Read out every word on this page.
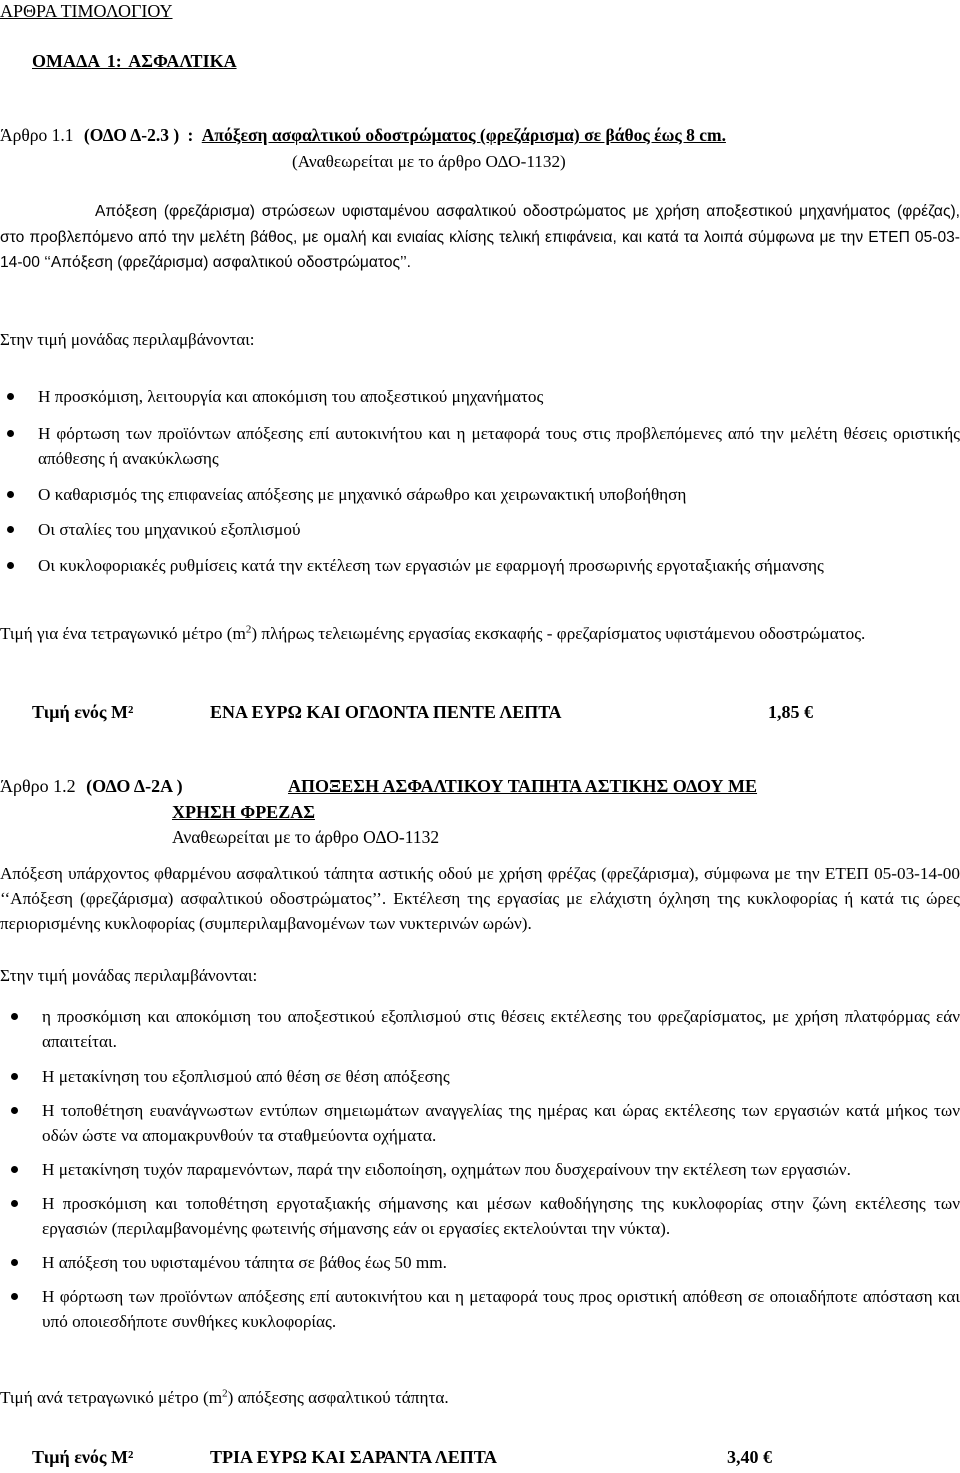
ΑΡΘΡΑ ΤΙΜΟΛΟΓΙΟΥ
ΟΜΑΔΑ 1: ΑΣΦΑΛΤΙΚΑ
Άρθρο 1.1 (ΟΔΟ Δ-2.3 ) : Απόξεση ασφαλτικού οδοστρώματος (φρεζάρισμα) σε βάθος έως 8 cm.
(Αναθεωρείται με το άρθρο ΟΔΟ-1132)
Απόξεση (φρεζάρισμα) στρώσεων υφισταμένου ασφαλτικού οδοστρώματος με χρήση αποξεστικού μηχανήματος (φρέζας), στο προβλεπόμενο από την μελέτη βάθος, με ομαλή και ενιαίας κλίσης τελική επιφάνεια, και κατά τα λοιπά σύμφωνα με την ΕΤΕΠ 05-03-14-00 ‘‘Απόξεση (φρεζάρισμα) ασφαλτικού οδοστρώματος’’.
Στην τιμή μονάδας περιλαμβάνονται:
Η προσκόμιση, λειτουργία και αποκόμιση του αποξεστικού μηχανήματος
Η φόρτωση των προϊόντων απόξεσης επί αυτοκινήτου και η μεταφορά τους στις προβλεπόμενες από την μελέτη θέσεις οριστικής απόθεσης ή ανακύκλωσης
Ο καθαρισμός της επιφανείας απόξεσης με μηχανικό σάρωθρο και χειρωνακτική υποβοήθηση
Οι σταλίες του μηχανικού εξοπλισμού
Οι κυκλοφοριακές ρυθμίσεις κατά την εκτέλεση των εργασιών με εφαρμογή προσωρινής εργοταξιακής σήμανσης
Τιμή για ένα τετραγωνικό μέτρο $(m^2)$ πλήρως τελειωμένης εργασίας εκσκαφής - φρεζαρίσματος υφιστάμενου οδοστρώματος.
Τιμή ενός Μ²	ΕΝΑ ΕΥΡΩ ΚΑΙ ΟΓΔΟΝΤΑ ΠΕΝΤΕ ΛΕΠΤΑ	1,85 €
Άρθρο 1.2 (ΟΔΟ Δ-2Α )	ΑΠΟΞΕΣΗ ΑΣΦΑΛΤΙΚΟΥ ΤΑΠΗΤΑ ΑΣΤΙΚΗΣ ΟΔΟΥ ΜΕ
ΧΡΗΣΗ ΦΡΕΖΑΣ
Αναθεωρείται με το άρθρο ΟΔΟ-1132
Απόξεση υπάρχοντος φθαρμένου ασφαλτικού τάπητα αστικής οδού με χρήση φρέζας (φρεζάρισμα), σύμφωνα με την ΕΤΕΠ 05-03-14-00 ‘‘Απόξεση (φρεζάρισμα) ασφαλτικού οδοστρώματος’’. Εκτέλεση της εργασίας με ελάχιστη όχληση της κυκλοφορίας ή κατά τις ώρες περιορισμένης κυκλοφορίας (συμπεριλαμβανομένων των νυκτερινών ωρών).
Στην τιμή μονάδας περιλαμβάνονται:
η προσκόμιση και αποκόμιση του αποξεστικού εξοπλισμού στις θέσεις εκτέλεσης του φρεζαρίσματος, με χρήση πλατφόρμας εάν απαιτείται.
Η μετακίνηση του εξοπλισμού από θέση σε θέση απόξεσης
Η τοποθέτηση ευανάγνωστων εντύπων σημειωμάτων αναγγελίας της ημέρας και ώρας εκτέλεσης των εργασιών κατά μήκος των οδών ώστε να απομακρυνθούν τα σταθμεύοντα οχήματα.
Η μετακίνηση τυχόν παραμενόντων, παρά την ειδοποίηση, οχημάτων που δυσχεραίνουν την εκτέλεση των εργασιών.
Η προσκόμιση και τοποθέτηση εργοταξιακής σήμανσης και μέσων καθοδήγησης της κυκλοφορίας στην ζώνη εκτέλεσης των εργασιών (περιλαμβανομένης φωτεινής σήμανσης εάν οι εργασίες εκτελούνται την νύκτα).
Η απόξεση του υφισταμένου τάπητα σε βάθος έως 50 mm.
Η φόρτωση των προϊόντων απόξεσης επί αυτοκινήτου και η μεταφορά τους προς οριστική απόθεση σε οποιαδήποτε απόσταση και υπό οποιεσδήποτε συνθήκες κυκλοφορίας.
Τιμή ανά τετραγωνικό μέτρο $(m^2)$ απόξεσης ασφαλτικού τάπητα.
Τιμή ενός Μ²	ΤΡΙΑ ΕΥΡΩ ΚΑΙ ΣΑΡΑΝΤΑ ΛΕΠΤΑ	3,40 €
